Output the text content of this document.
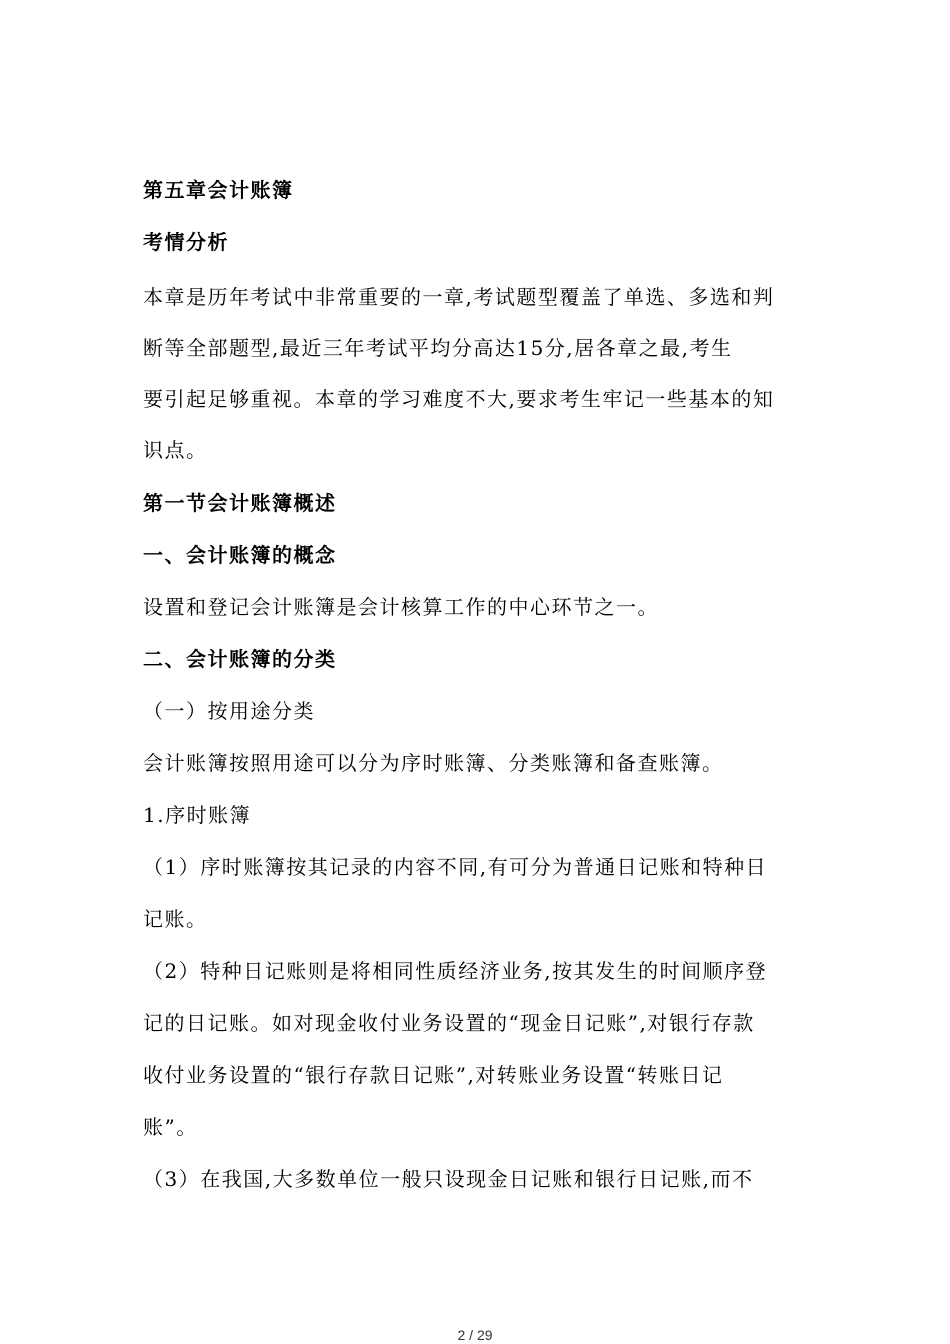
第五章会计账簿
考情分析
本章是历年考试中非常重要的一章,考试题型覆盖了单选、多选和判
断等全部题型,最近三年考试平均分高达15分,居各章之最,考生
要引起足够重视。本章的学习难度不大,要求考生牢记一些基本的知
识点。
第一节会计账簿概述
一、会计账簿的概念
设置和登记会计账簿是会计核算工作的中心环节之一。
二、会计账簿的分类
（一）按用途分类
会计账簿按照用途可以分为序时账簿、分类账簿和备查账簿。
1.序时账簿
（1）序时账簿按其记录的内容不同,有可分为普通日记账和特种日
记账。
（2）特种日记账则是将相同性质经济业务,按其发生的时间顺序登
记的日记账。如对现金收付业务设置的“现金日记账”,对银行存款
收付业务设置的“银行存款日记账”,对转账业务设置“转账日记
账”。
（3）在我国,大多数单位一般只设现金日记账和银行日记账,而不
2 / 29
